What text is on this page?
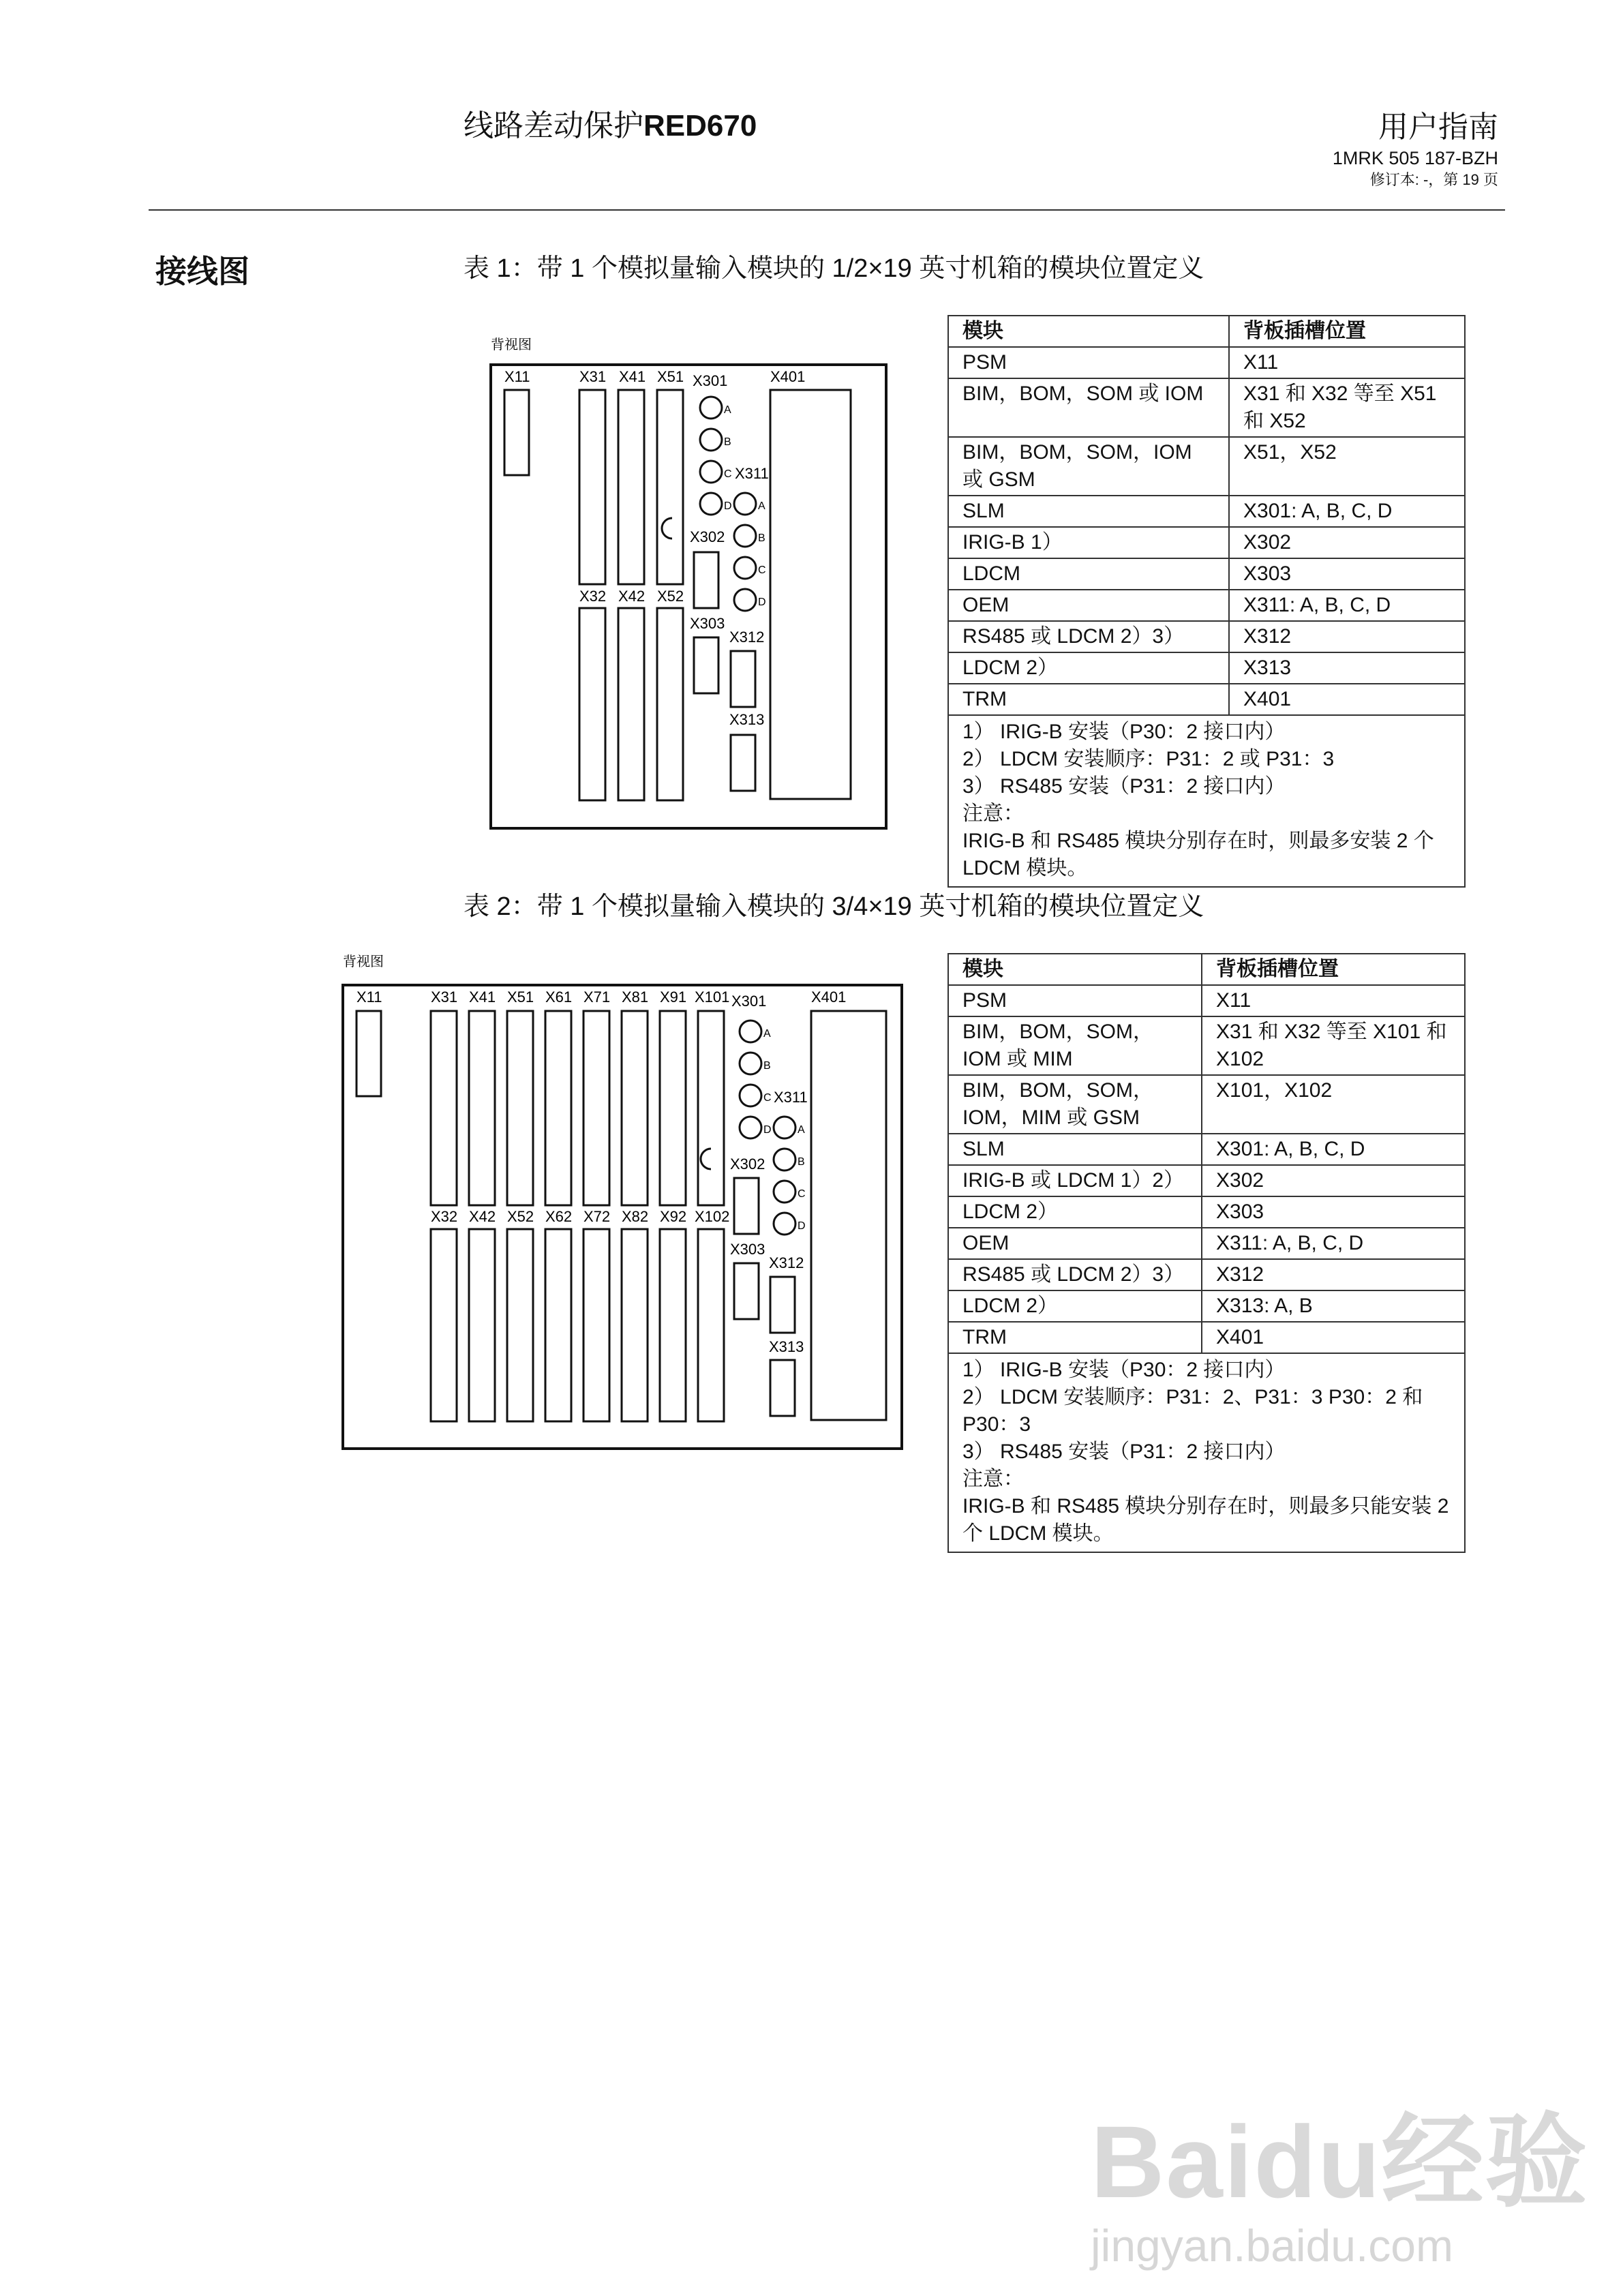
线路差动保护RED670	用户指南
1MRK 505 187-BZH
修订本: -，第 19 页
接线图	表 1：带 1 个模拟量输入模块的 1/2×19 英寸机箱的模块位置定义
背视图
X11	X31 X41 X51 X301	X401
A
B
C
D
X311
A
B
C
D
X302
X32 X42 X52
X303
X312
X313
模块	背板插槽位置
PSM	X11
BIM，BOM，SOM 或 IOM	X31 和 X32 等至 X51 和 X52
BIM，BOM，SOM，IOM 或 GSM	X51，X52
SLM	X301: A, B, C, D
IRIG-B 1）	X302
LDCM	X303
OEM	X311: A, B, C, D
RS485 或 LDCM 2）3）	X312
LDCM 2）	X313
TRM	X401

1） IRIG-B 安装（P30：2 接口内）
2） LDCM 安装顺序：P31：2 或 P31：3
3） RS485 安装（P31：2 接口内）
注意：
IRIG-B 和 RS485 模块分别存在时，则最多安装 2 个 LDCM 模块。	
表 2：带 1 个模拟量输入模块的 3/4×19 英寸机箱的模块位置定义
背视图
X11	X31 X41 X51 X61 X71 X81 X91 X101 X301	X401
A
B
C
D
X311
A
B
C
D
X302
X32 X42 X52 X62 X72 X82 X92 X102
X303
X312
X313
模块	背板插槽位置
PSM	X11
BIM，BOM，SOM，IOM 或 MIM	X31 和 X32 等至 X101 和 X102
BIM，BOM，SOM，IOM，MIM 或 GSM	X101，X102
SLM	X301: A, B, C, D
IRIG-B 或 LDCM 1）2）	X302
LDCM 2）	X303
OEM	X311: A, B, C, D
RS485 或 LDCM 2）3）	X312
LDCM 2）	X313: A, B
TRM	X401

1） IRIG-B 安装（P30：2 接口内）
2） LDCM 安装顺序：P31：2、P31：3 P30：2 和 P30：3
3） RS485 安装（P31：2 接口内）
注意：
IRIG-B 和 RS485 模块分别存在时，则最多只能安装 2 个 LDCM 模块。	
Baidu经验
jingyan.baidu.com
